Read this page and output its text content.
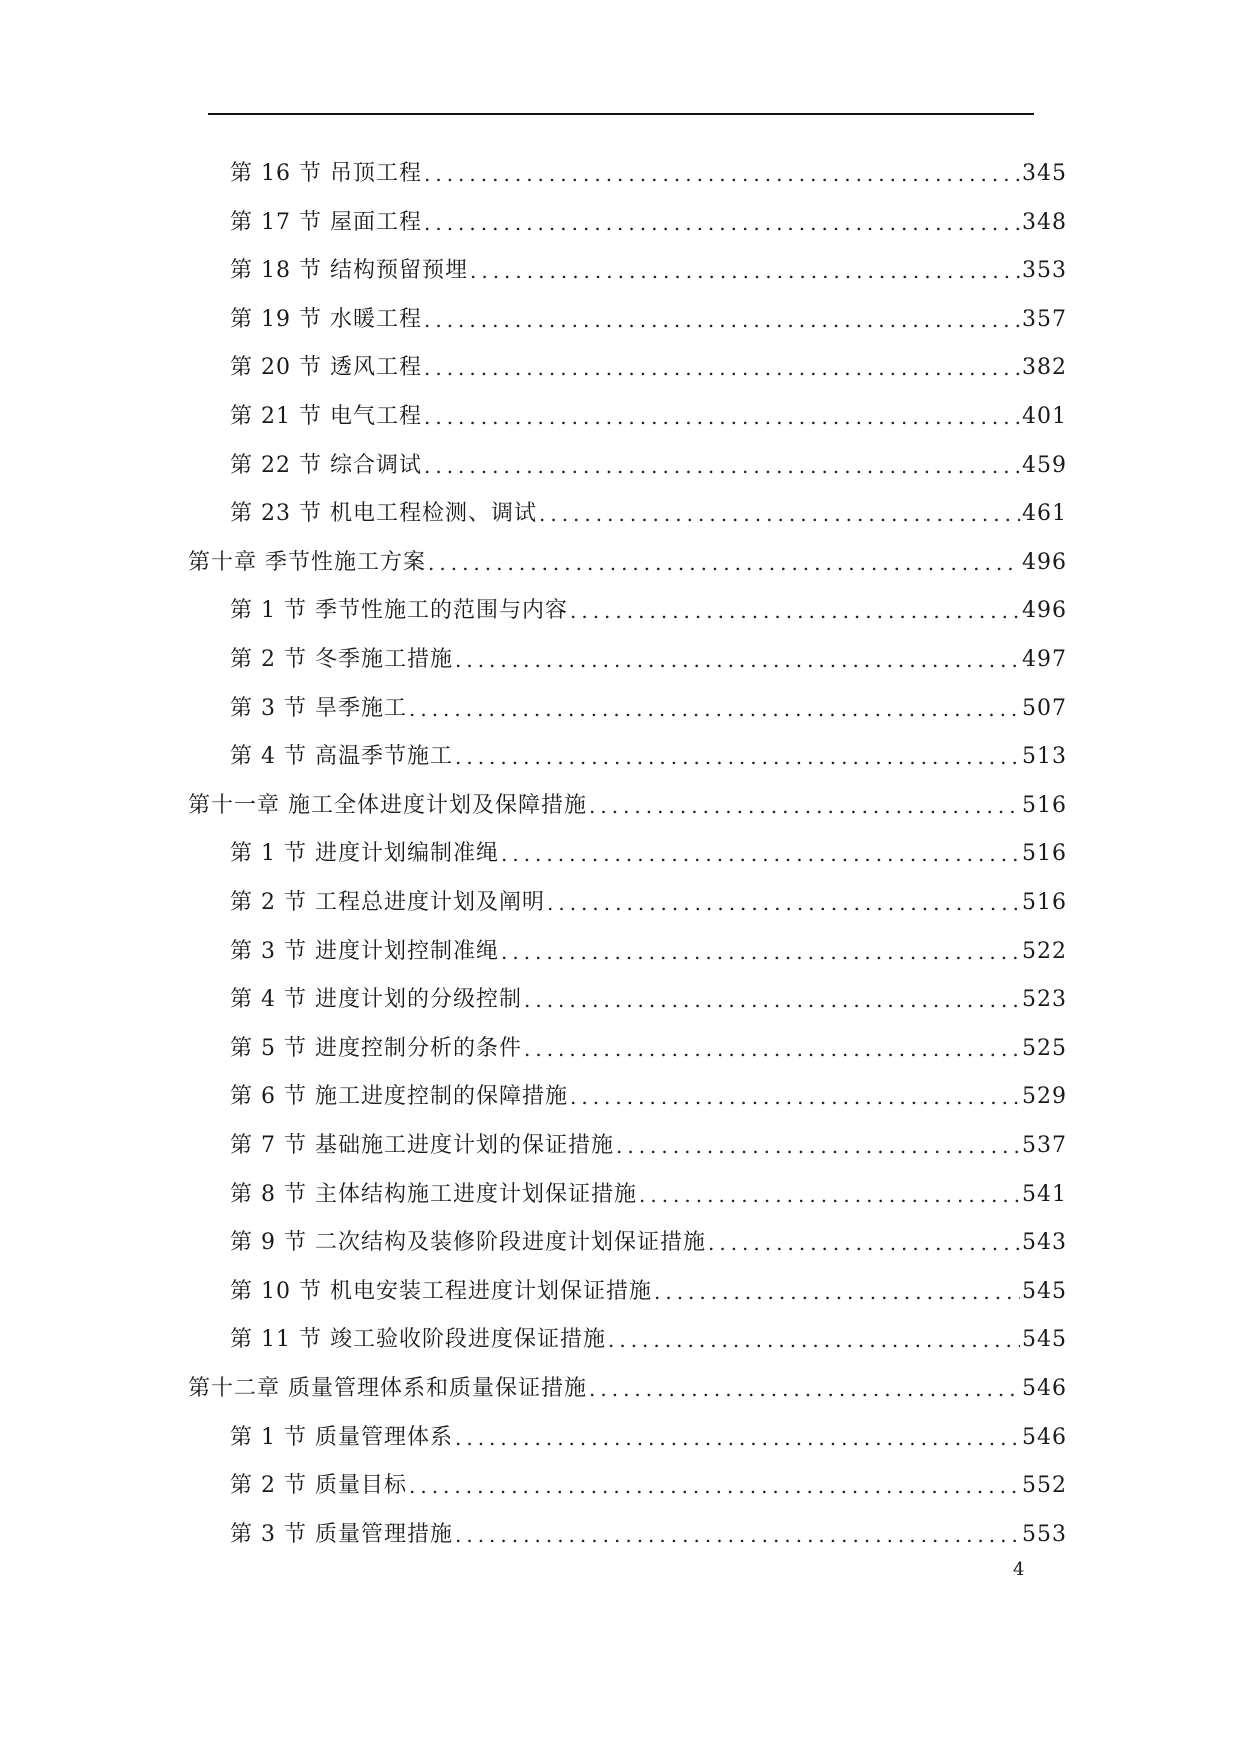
第 16 节 吊顶工程 .....	345
第 17 节 屋面工程 .....	348
第 18 节 结构预留预埋 .....	353
第 19 节 水暖工程 .....	357
第 20 节 透风工程 .....	382
第 21 节 电气工程 .....	401
第 22 节 综合调试 .....	459
第 23 节 机电工程检测、调试 .....	461
第十章 季节性施工方案 .....	496
第 1 节 季节性施工的范围与内容 .....	496
第 2 节 冬季施工措施 .....	497
第 3 节 旱季施工 .....	507
第 4 节 高温季节施工 .....	513
第十一章 施工全体进度计划及保障措施 .....	516
第 1 节 进度计划编制准绳 .....	516
第 2 节 工程总进度计划及阐明 .....	516
第 3 节 进度计划控制准绳 .....	522
第 4 节 进度计划的分级控制 .....	523
第 5 节 进度控制分析的条件 .....	525
第 6 节 施工进度控制的保障措施 .....	529
第 7 节 基础施工进度计划的保证措施 .....	537
第 8 节 主体结构施工进度计划保证措施 .....	541
第 9 节 二次结构及装修阶段进度计划保证措施 .....	543
第 10 节 机电安装工程进度计划保证措施 .....	545
第 11 节 竣工验收阶段进度保证措施 .....	545
第十二章 质量管理体系和质量保证措施 .....	546
第 1 节 质量管理体系 .....	546
第 2 节 质量目标 .....	552
第 3 节 质量管理措施 .....	553
4
